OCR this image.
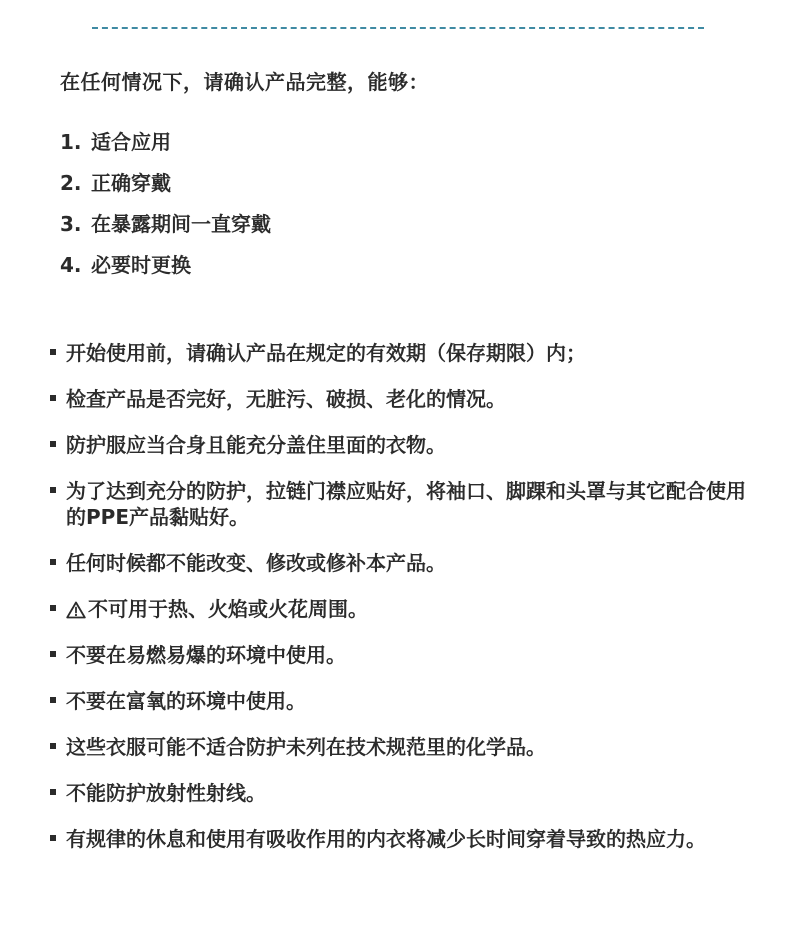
在任何情况下，请确认产品完整，能够：

1. 适合应用
2. 正确穿戴
3. 在暴露期间一直穿戴
4. 必要时更换
开始使用前，请确认产品在规定的有效期（保存期限）内；
检查产品是否完好，无脏污、破损、老化的情况。
防护服应当合身且能充分盖住里面的衣物。
为了达到充分的防护，拉链门襟应贴好，将袖口、脚踝和头罩与其它配合使用的PPE产品黏贴好。
任何时候都不能改变、修改或修补本产品。
不可用于热、火焰或火花周围。
不要在易燃易爆的环境中使用。
不要在富氧的环境中使用。
这些衣服可能不适合防护未列在技术规范里的化学品。
不能防护放射性射线。
有规律的休息和使用有吸收作用的内衣将减少长时间穿着导致的热应力。
